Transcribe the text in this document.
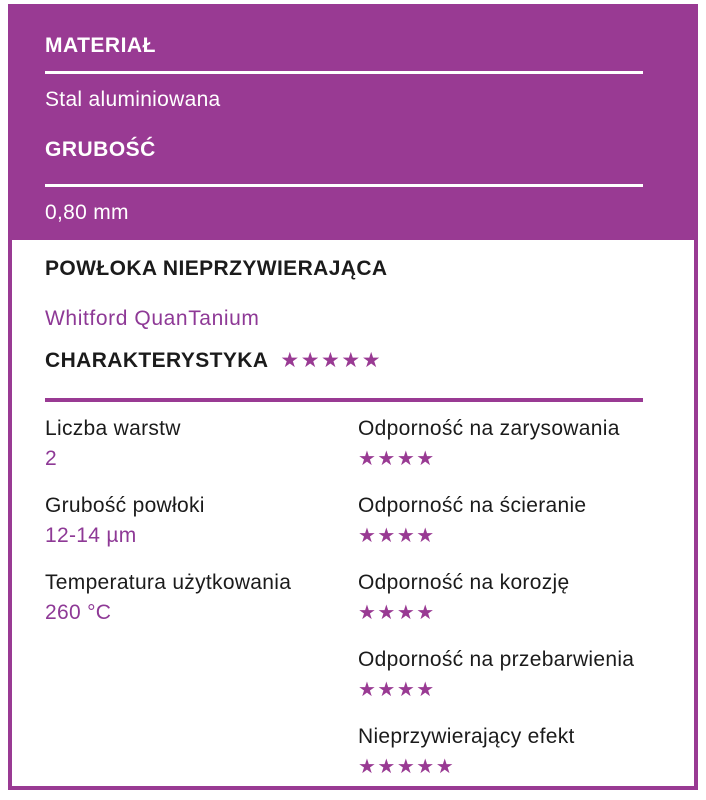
MATERIAŁ
Stal aluminiowana
GRUBOŚĆ
0,80 mm
POWŁOKA NIEPRZYWIERAJĄCA
Whitford QuanTanium
CHARAKTERYSTYKA ★★★★★
Liczba warstw
2
Grubość powłoki
12-14 µm
Temperatura użytkowania
260 °C
Odporność na zarysowania
★★★★
Odporność na ścieranie
★★★★
Odporność na korozję
★★★★
Odporność na przebarwienia
★★★★
Nieprzywierający efekt
★★★★★
